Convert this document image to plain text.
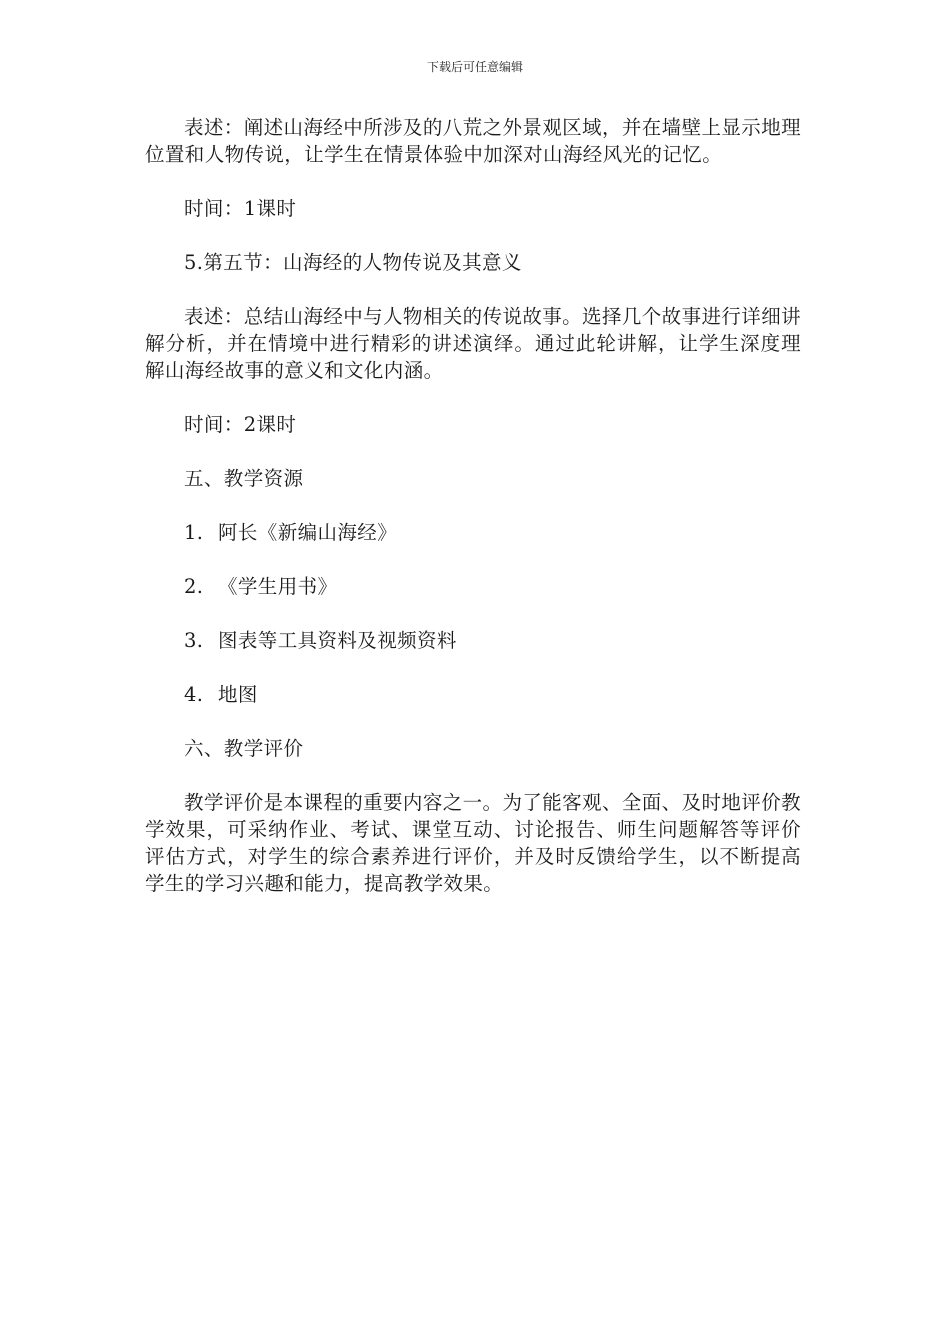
下载后可任意编辑

表述：阐述山海经中所涉及的八荒之外景观区域，并在墙壁上显示地理位置和人物传说，让学生在情景体验中加深对山海经风光的记忆。

时间：1课时
5.第五节：山海经的人物传说及其意义

表述：总结山海经中与人物相关的传说故事。选择几个故事进行详细讲解分析，并在情境中进行精彩的讲述演绎。通过此轮讲解，让学生深度理解山海经故事的意义和文化内涵。

时间：2课时
五、教学资源
1. 阿长《新编山海经》
2. 《学生用书》
3. 图表等工具资料及视频资料
4. 地图
六、教学评价

教学评价是本课程的重要内容之一。为了能客观、全面、及时地评价教学效果，可采纳作业、考试、课堂互动、讨论报告、师生问题解答等评价评估方式，对学生的综合素养进行评价，并及时反馈给学生，以不断提高学生的学习兴趣和能力，提高教学效果。
